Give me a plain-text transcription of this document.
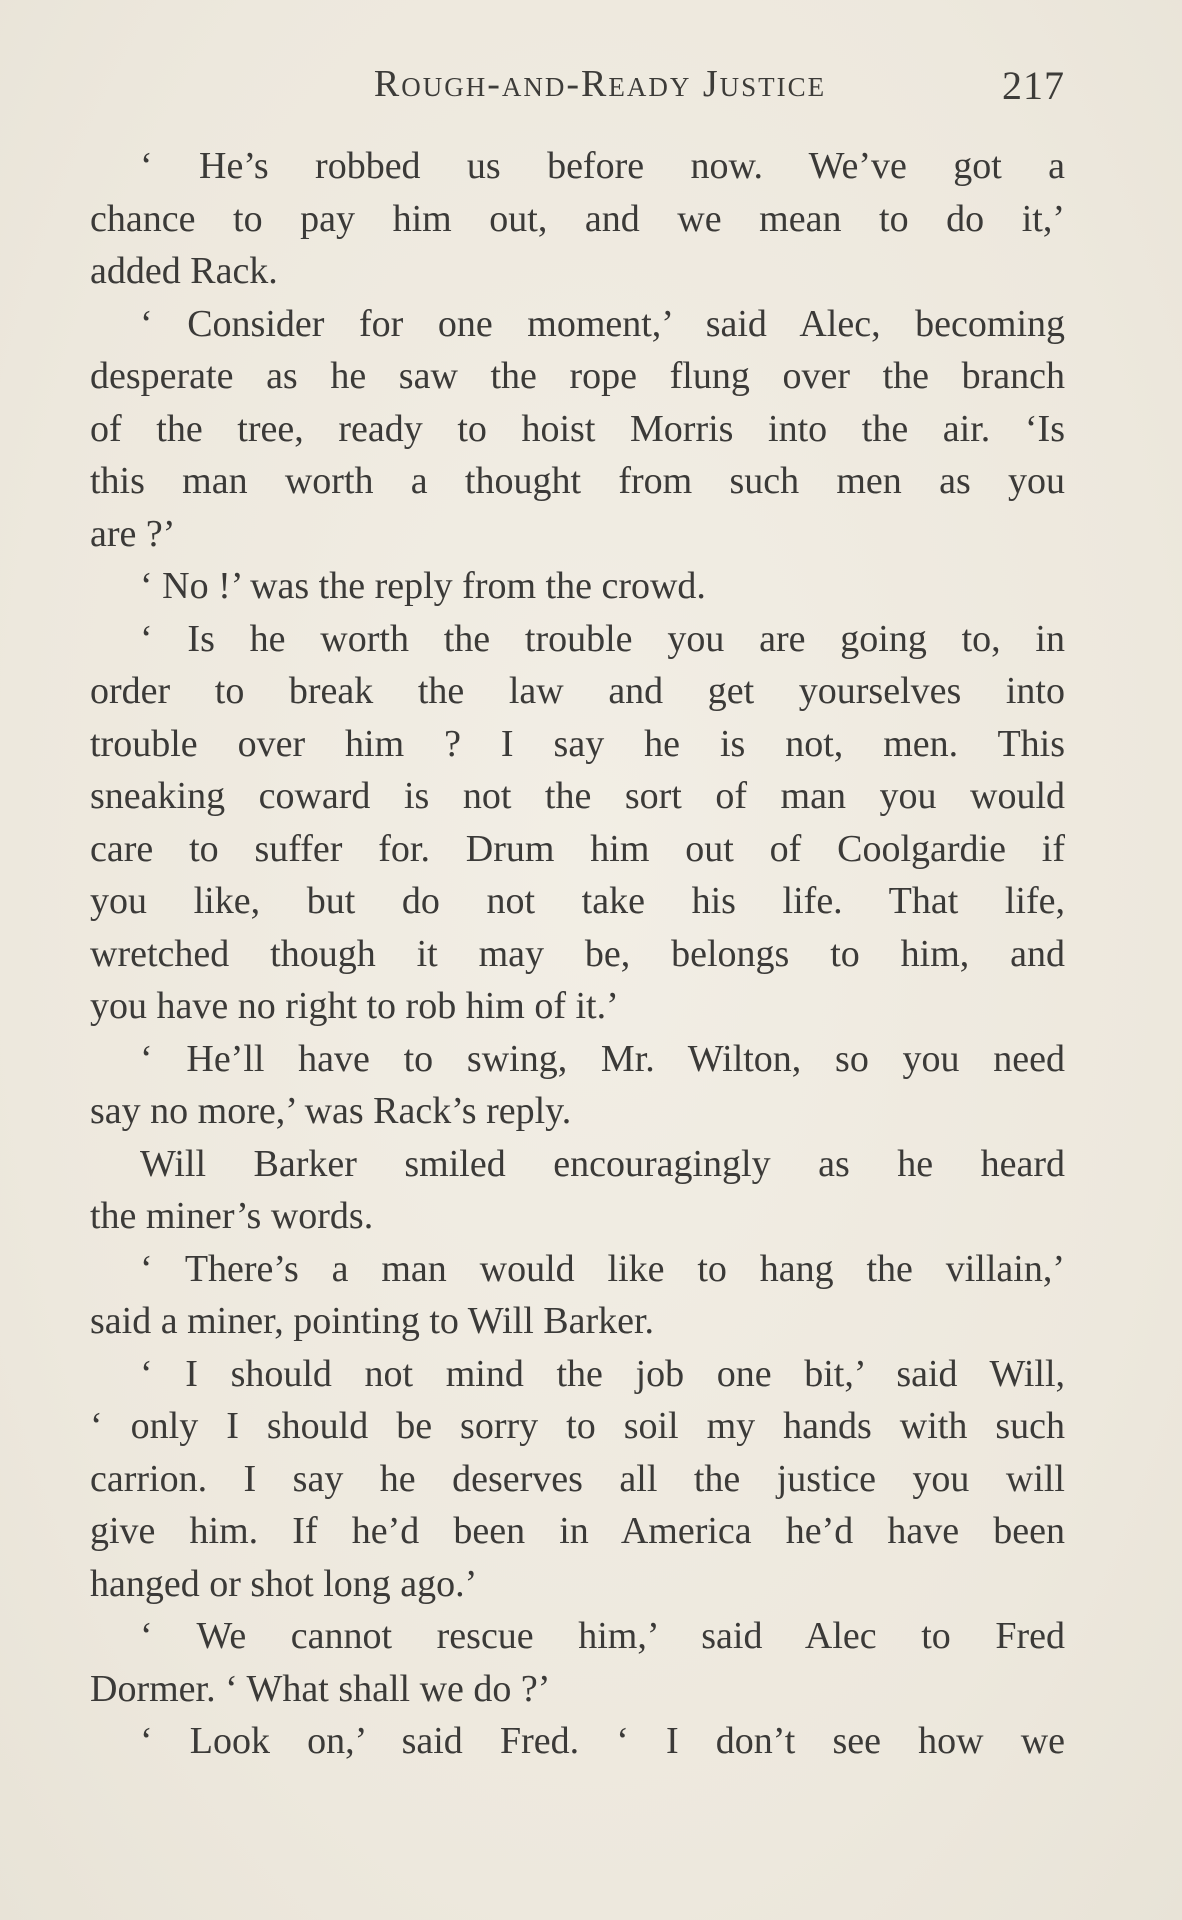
Rough-and-Ready Justice	217
‘ He’s robbed us before now. We’ve got a
chance to pay him out, and we mean to do it,’
added Rack.
‘ Consider for one moment,’ said Alec, becoming
desperate as he saw the rope flung over the branch
of the tree, ready to hoist Morris into the air. ‘Is
this man worth a thought from such men as you
are ?’
‘ No !’ was the reply from the crowd.
‘ Is he worth the trouble you are going to, in
order to break the law and get yourselves into
trouble over him ? I say he is not, men. This
sneaking coward is not the sort of man you would
care to suffer for. Drum him out of Coolgardie if
you like, but do not take his life. That life,
wretched though it may be, belongs to him, and
you have no right to rob him of it.’
‘ He’ll have to swing, Mr. Wilton, so you need
say no more,’ was Rack’s reply.
Will Barker smiled encouragingly as he heard
the miner’s words.
‘ There’s a man would like to hang the villain,’
said a miner, pointing to Will Barker.
‘ I should not mind the job one bit,’ said Will,
‘ only I should be sorry to soil my hands with such
carrion. I say he deserves all the justice you will
give him. If he’d been in America he’d have been
hanged or shot long ago.’
‘ We cannot rescue him,’ said Alec to Fred
Dormer. ‘ What shall we do ?’
‘ Look on,’ said Fred. ‘ I don’t see how we
